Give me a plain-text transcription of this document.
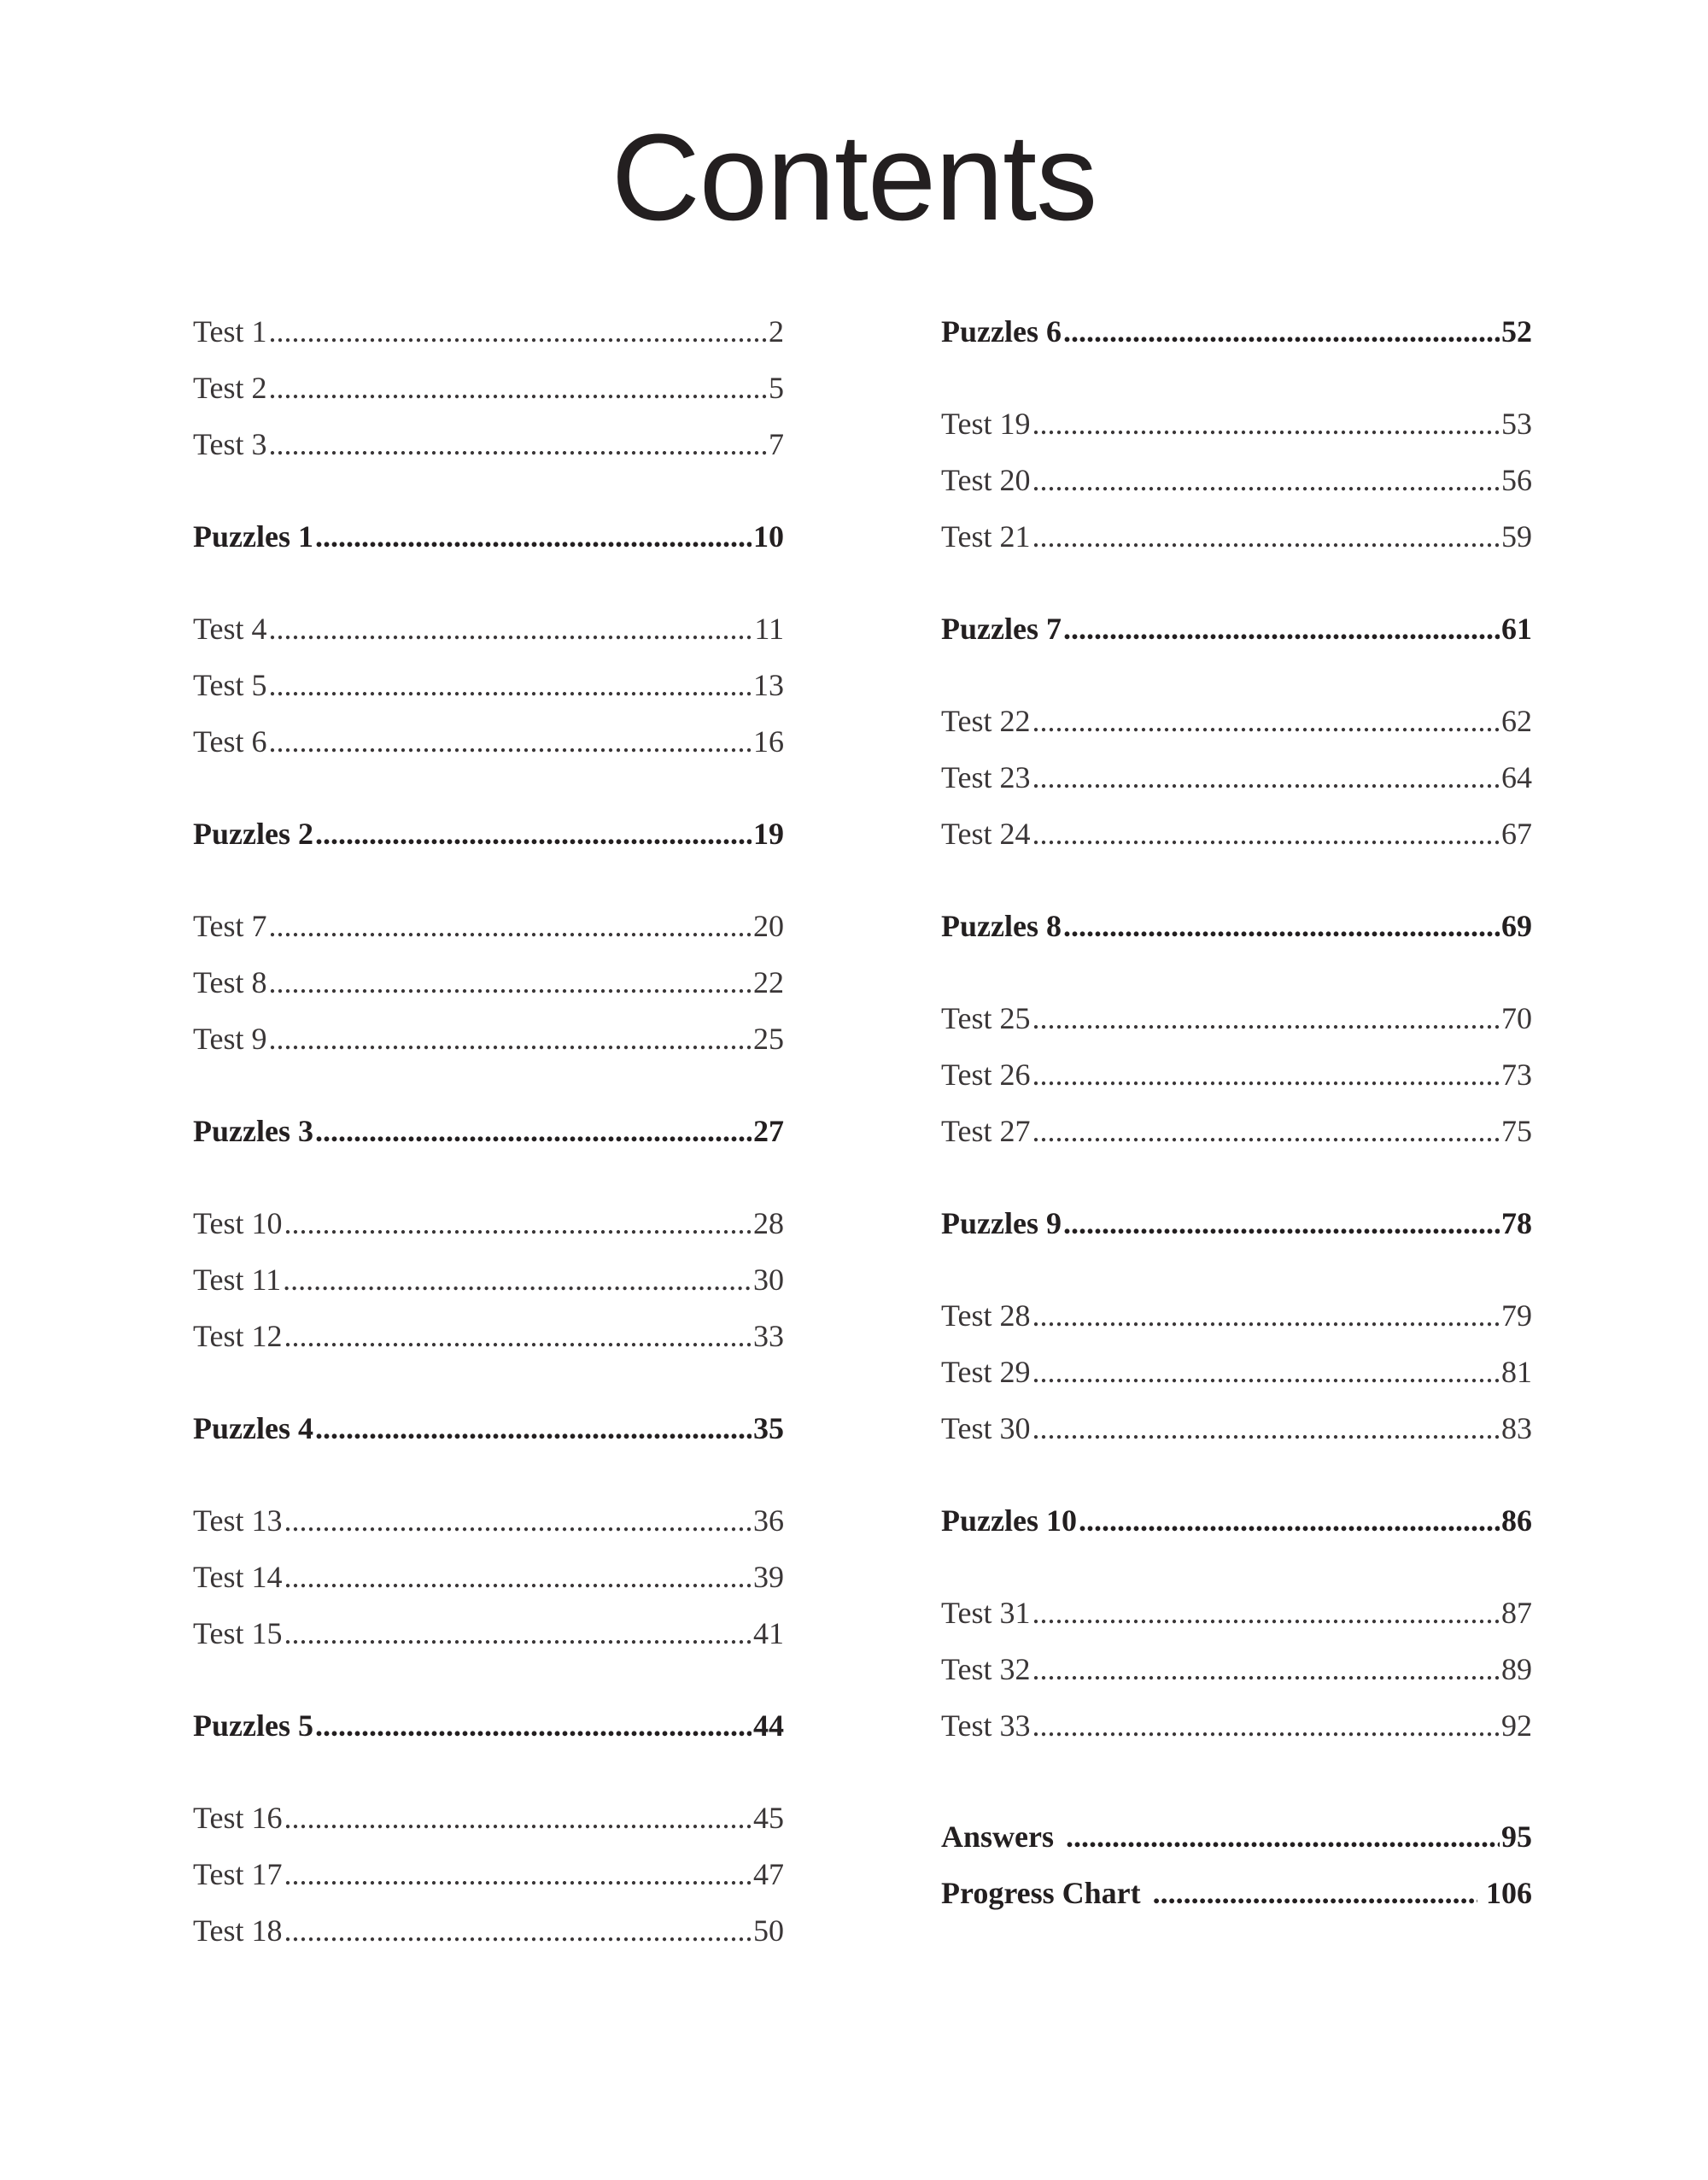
Contents
Test 1 .....	2
Test 2 .....	5
Test 3 .....	7
Puzzles 1 .....	10
Test 4 .....	11
Test 5 .....	13
Test 6 .....	16
Puzzles 2 .....	19
Test 7 .....	20
Test 8 .....	22
Test 9 .....	25
Puzzles 3 .....	27
Test 10 .....	28
Test 11 .....	30
Test 12 .....	33
Puzzles 4 .....	35
Test 13 .....	36
Test 14 .....	39
Test 15 .....	41
Puzzles 5 .....	44
Test 16 .....	45
Test 17 .....	47
Test 18 .....	50
Puzzles 6 .....	52
Test 19 .....	53
Test 20 .....	56
Test 21 .....	59
Puzzles 7 .....	61
Test 22 .....	62
Test 23 .....	64
Test 24 .....	67
Puzzles 8 .....	69
Test 25 .....	70
Test 26 .....	73
Test 27 .....	75
Puzzles 9 .....	78
Test 28 .....	79
Test 29 .....	81
Test 30 .....	83
Puzzles 10 .....	86
Test 31 .....	87
Test 32 .....	89
Test 33 .....	92
Answers .....	95
Progress Chart .....	106
